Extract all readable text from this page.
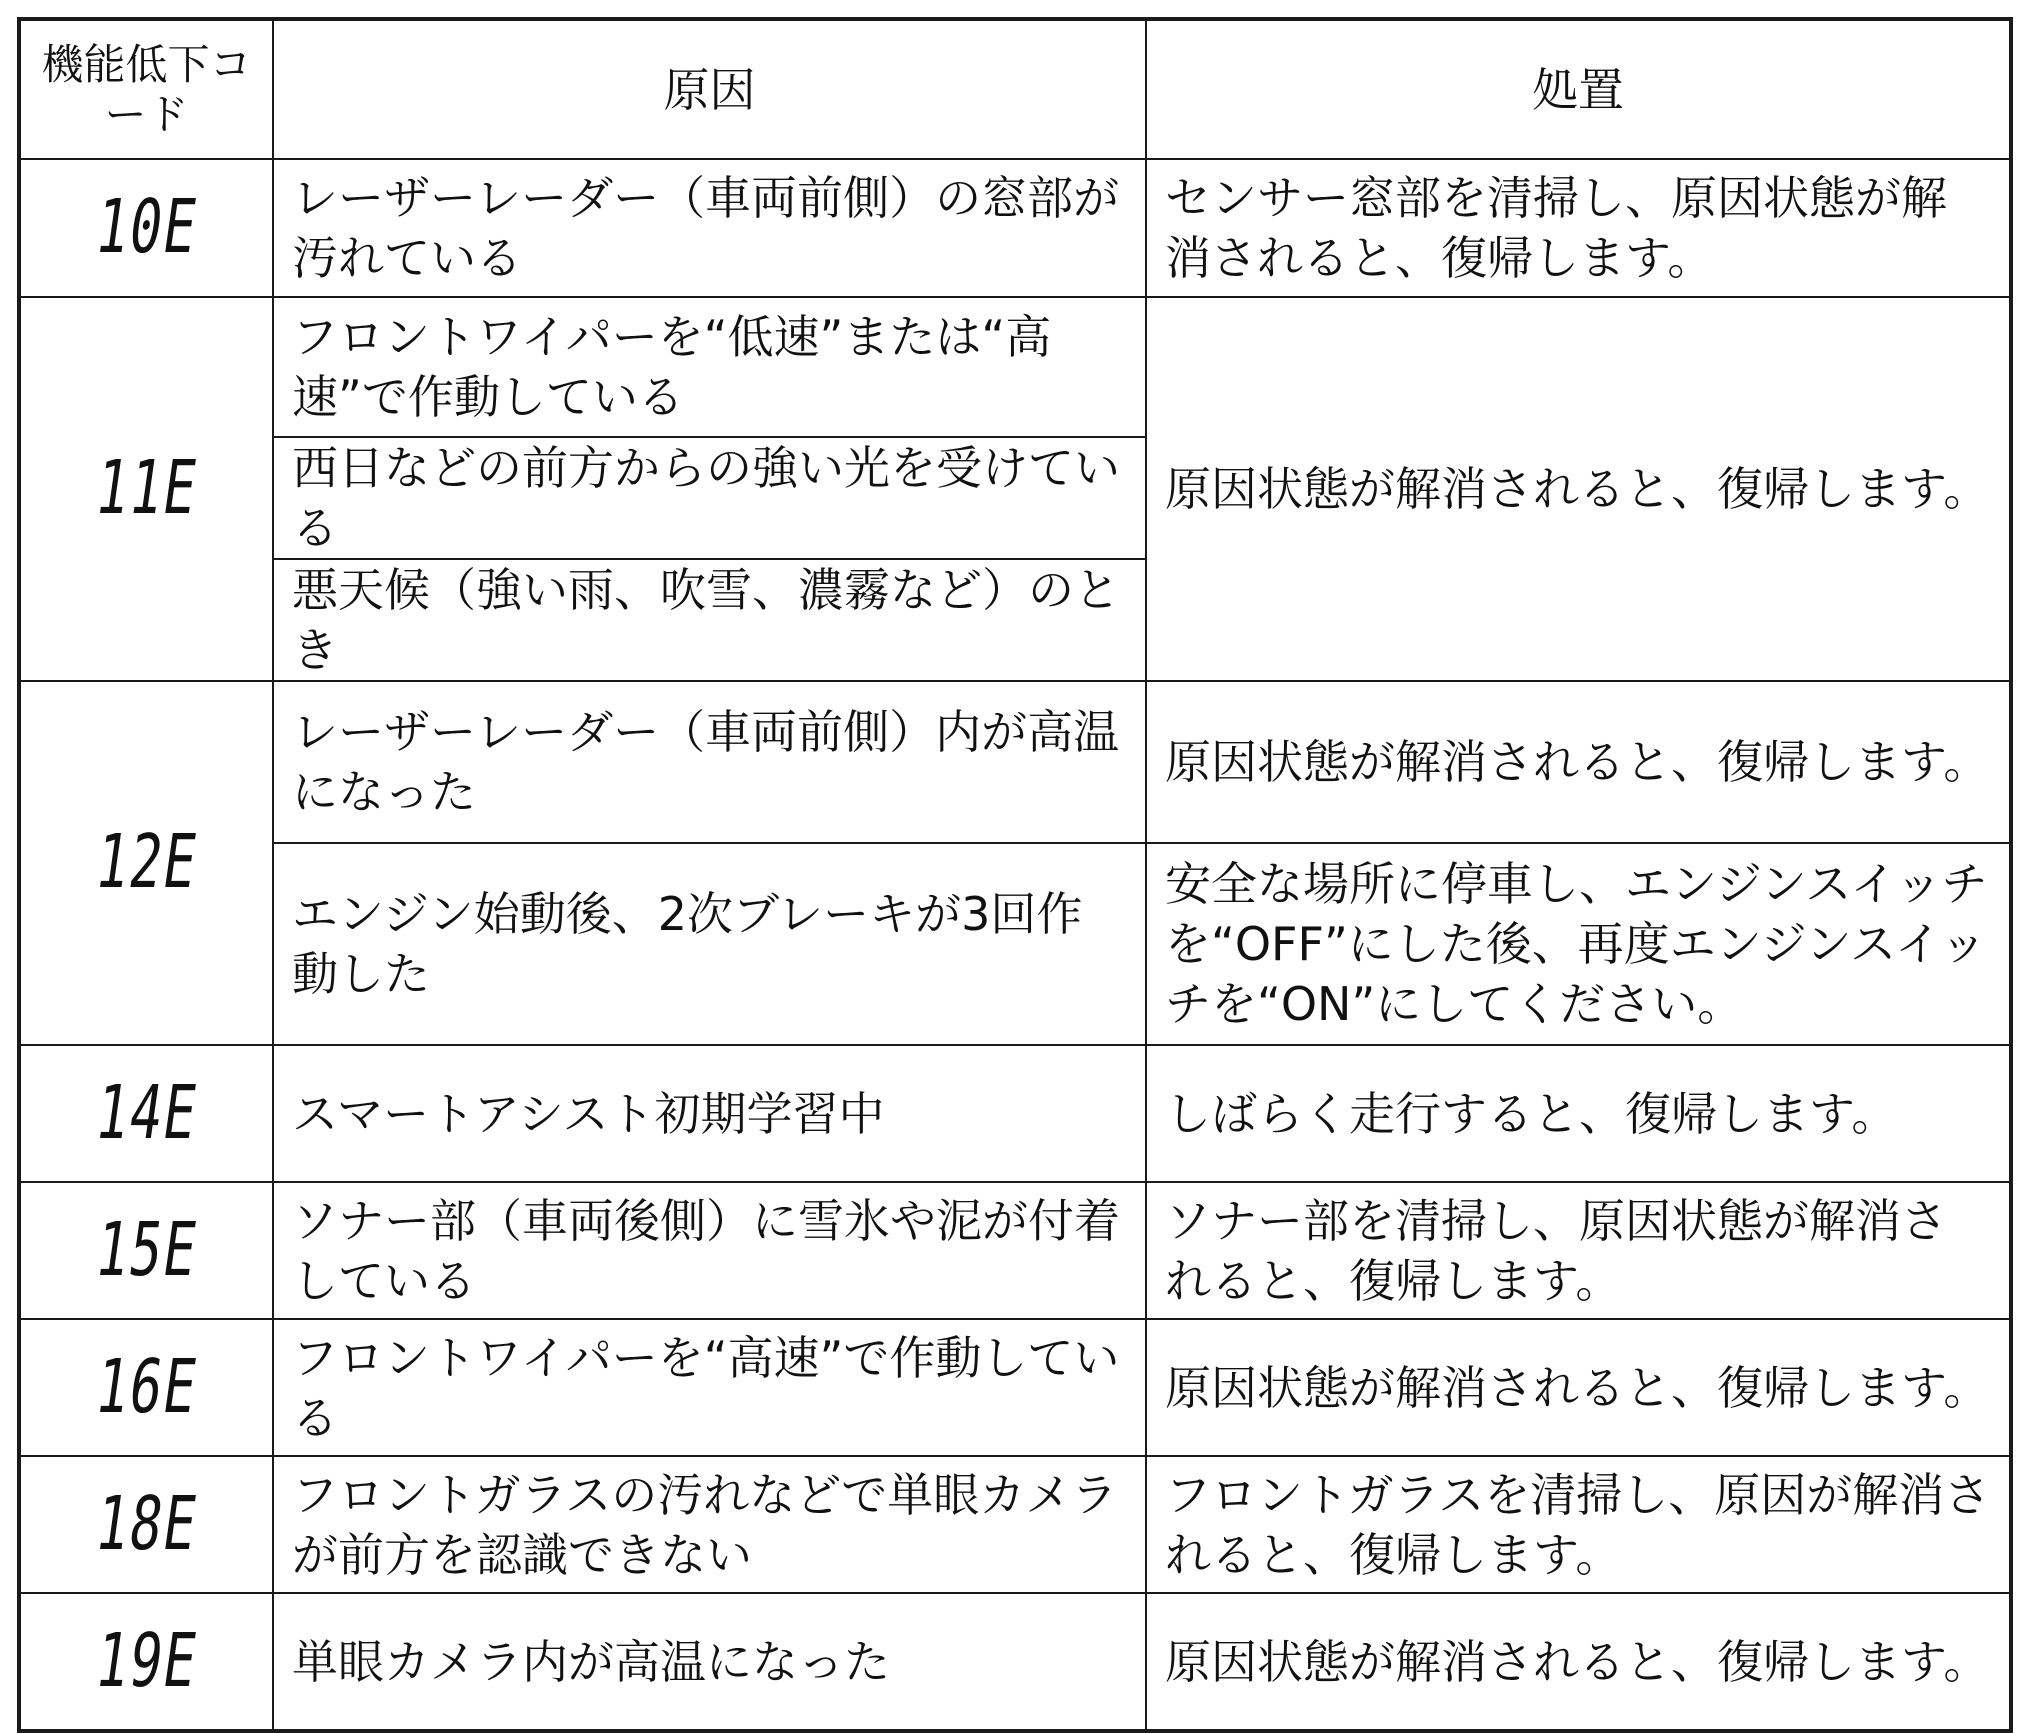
機能低下コード	原因	処置
10E	レーザーレーダー（車両前側）の窓部が汚れている	センサー窓部を清掃し、原因状態が解消されると、復帰します。

11E	フロントワイパーを“低速”または“高速”で作動している	原因状態が解消されると、復帰します。

	西日などの前方からの強い光を受けている	

	悪天候（強い雨、吹雪、濃霧など）のとき	

12E	レーザーレーダー（車両前側）内が高温になった	原因状態が解消されると、復帰します。

	エンジン始動後、2次ブレーキが3回作動した	安全な場所に停車し、エンジンスイッチを“OFF”にした後、再度エンジンスイッチを“ON”にしてください。

14E	スマートアシスト初期学習中	しばらく走行すると、復帰します。

15E	ソナー部（車両後側）に雪氷や泥が付着している	ソナー部を清掃し、原因状態が解消されると、復帰します。

16E	フロントワイパーを“高速”で作動している	原因状態が解消されると、復帰します。

18E	フロントガラスの汚れなどで単眼カメラが前方を認識できない	フロントガラスを清掃し、原因が解消されると、復帰します。

19E	単眼カメラ内が高温になった	原因状態が解消されると、復帰します。
